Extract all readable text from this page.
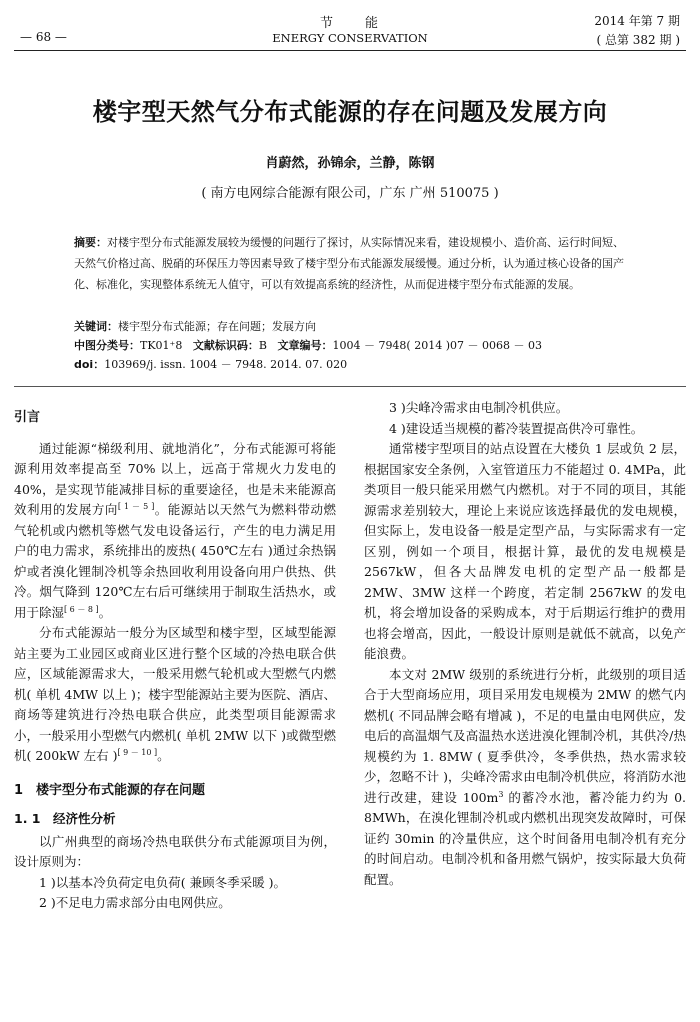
— 68 —
节　　能
ENERGY CONSERVATION
2014 年第 7 期
( 总第 382 期 )
楼宇型天然气分布式能源的存在问题及发展方向
肖蔚然，孙锦余，兰静，陈钢
( 南方电网综合能源有限公司，广东 广州 510075 )
摘要：对楼宇型分布式能源发展较为缓慢的问题行了探讨，从实际情况来看，建设规模小、造价高、运行时间短、天然气价格过高、脱硝的环保压力等因素导致了楼宇型分布式能源发展缓慢。通过分析，认为通过核心设备的国产化、标准化，实现整体系统无人值守，可以有效提高系统的经济性，从而促进楼宇型分布式能源的发展。
关键词：楼宇型分布式能源；存在问题；发展方向
中图分类号：TK01⁺8 文献标识码：B 文章编号：1004 － 7948( 2014 )07 － 0068 － 03
doi：103969/j. issn. 1004 － 7948. 2014. 07. 020
引言

通过能源“梯级利用、就地消化”，分布式能源可将能源利用效率提高至 70% 以上，远高于常规火力发电的 40%，是实现节能减排目标的重要途径，也是未来能源高效利用的发展方向[ 1 － 5 ]。能源站以天然气为燃料带动燃气轮机或内燃机等燃气发电设备运行，产生的电力满足用户的电力需求，系统排出的废热( 450℃左右 )通过余热锅炉或者溴化锂制冷机等余热回收利用设备向用户供热、供冷。烟气降到 120℃左右后可继续用于制取生活热水，或用于除湿[ 6 － 8 ]。

分布式能源站一般分为区域型和楼宇型，区域型能源站主要为工业园区或商业区进行整个区域的冷热电联合供应，区域能源需求大，一般采用燃气轮机或大型燃气内燃机( 单机 4MW 以上 )；楼宇型能源站主要为医院、酒店、商场等建筑进行冷热电联合供应，此类型项目能源需求小，一般采用小型燃气内燃机( 单机 2MW 以下 )或微型燃机( 200kW 左右 )[ 9 － 10 ]。

1　楼宇型分布式能源的存在问题
1. 1　经济性分析

以广州典型的商场冷热电联供分布式能源项目为例，设计原则为：

1 )以基本冷负荷定电负荷( 兼顾冬季采暖 )。

2 )不足电力需求部分由电网供应。

3 )尖峰冷需求由电制冷机供应。

4 )建设适当规模的蓄冷装置提高供冷可靠性。

通常楼宇型项目的站点设置在大楼负 1 层或负 2 层，根据国家安全条例，入室管道压力不能超过 0. 4MPa，此类项目一般只能采用燃气内燃机。对于不同的项目，其能源需求差别较大，理论上来说应该选择最优的发电规模，但实际上，发电设备一般是定型产品，与实际需求有一定区别，例如一个项目，根据计算，最优的发电规模是 2567kW，但各大品牌发电机的定型产品一般都是 2MW、3MW 这样一个跨度，若定制 2567kW 的发电机，将会增加设备的采购成本，对于后期运行维护的费用也将会增高，因此，一般设计原则是就低不就高，以免产能浪费。

本文对 2MW 级别的系统进行分析，此级别的项目适合于大型商场应用，项目采用发电规模为 2MW 的燃气内燃机( 不同品牌会略有增减 )，不足的电量由电网供应，发电后的高温烟气及高温热水送进溴化锂制冷机，其供冷/热规模约为 1. 8MW ( 夏季供冷，冬季供热，热水需求较少，忽略不计 )，尖峰冷需求由电制冷机供应，将消防水池进行改建，建设 $100m^3$ 的蓄冷水池，蓄冷能力约为 0. 8MWh，在溴化锂制冷机或内燃机出现突发故障时，可保证约 30min 的冷量供应，这个时间备用电制冷机有充分的时间启动。电制冷机和备用燃气锅炉，按实际最大负荷配置。
